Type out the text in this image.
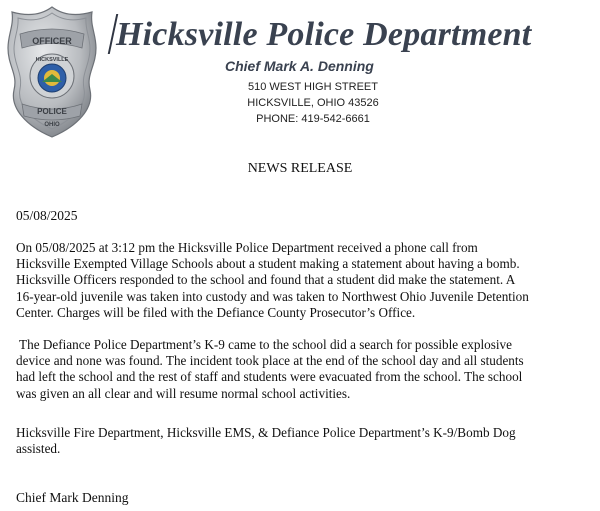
OFFICER
HICKSVILLE
POLICE
OHIO
Hicksville Police Department
Chief Mark A. Denning
510 WEST HIGH STREET
HICKSVILLE, OHIO 43526
PHONE: 419-542-6661
NEWS RELEASE
05/08/2025
On 05/08/2025 at 3:12 pm the Hicksville Police Department received a phone call from
Hicksville Exempted Village Schools about a student making a statement about having a bomb.
Hicksville Officers responded to the school and found that a student did make the statement. A
16-year-old juvenile was taken into custody and was taken to Northwest Ohio Juvenile Detention
Center. Charges will be filed with the Defiance County Prosecutor’s Office.
The Defiance Police Department’s K-9 came to the school did a search for possible explosive
device and none was found. The incident took place at the end of the school day and all students
had left the school and the rest of staff and students were evacuated from the school. The school
was given an all clear and will resume normal school activities.
Hicksville Fire Department, Hicksville EMS, & Defiance Police Department’s K-9/Bomb Dog
assisted.
Chief Mark Denning
